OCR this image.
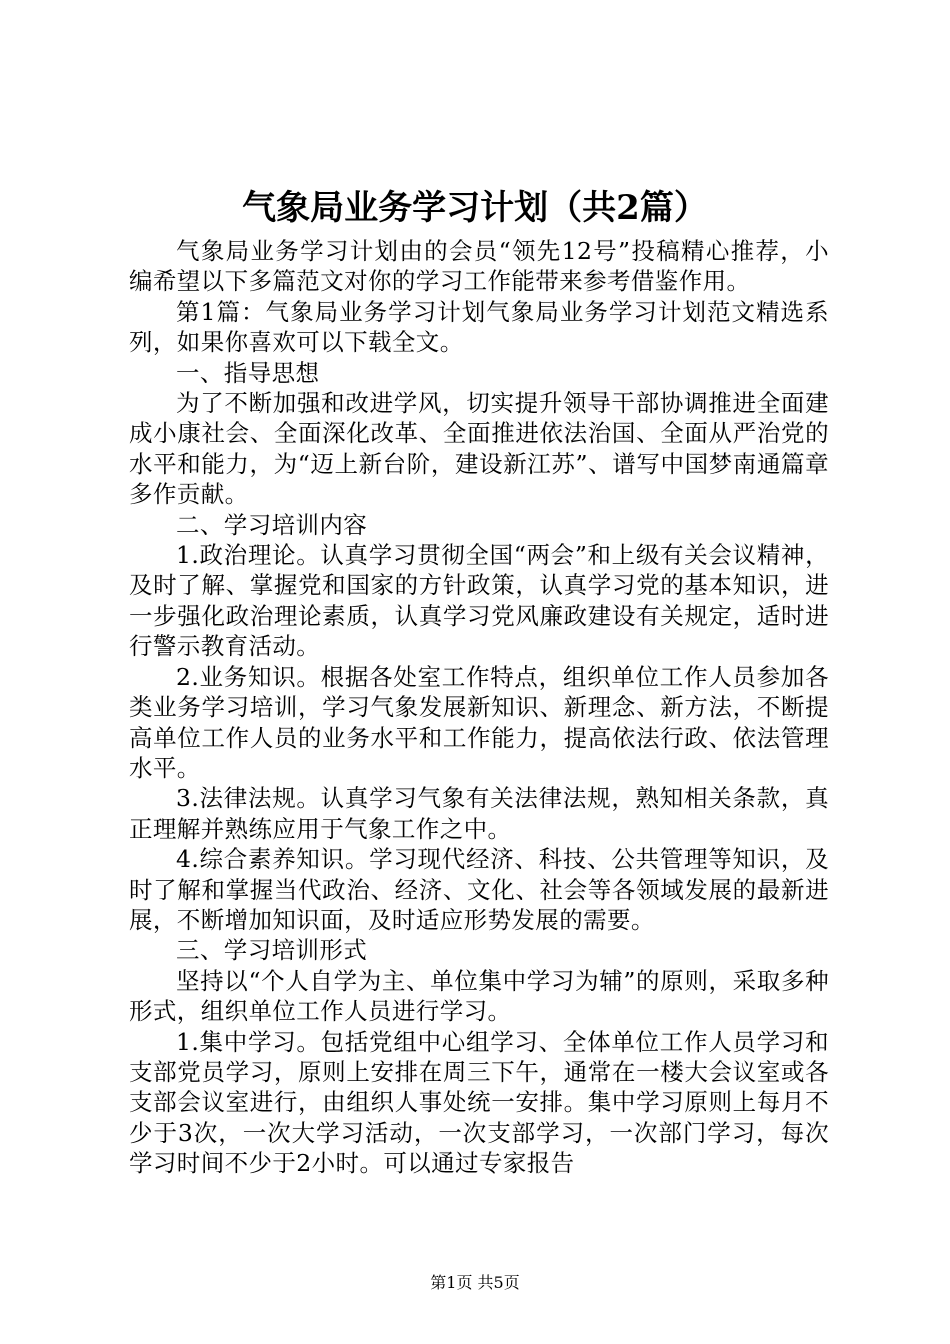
气象局业务学习计划（共2篇）

气象局业务学习计划由的会员“领先12号”投稿精心推荐，小编希望以下多篇范文对你的学习工作能带来参考借鉴作用。

第1篇：气象局业务学习计划气象局业务学习计划范文精选系列，如果你喜欢可以下载全文。

一、指导思想

为了不断加强和改进学风，切实提升领导干部协调推进全面建成小康社会、全面深化改革、全面推进依法治国、全面从严治党的水平和能力，为“迈上新台阶，建设新江苏”、谱写中国梦南通篇章多作贡献。

二、学习培训内容

1.政治理论。认真学习贯彻全国“两会”和上级有关会议精神，及时了解、掌握党和国家的方针政策，认真学习党的基本知识，进一步强化政治理论素质，认真学习党风廉政建设有关规定，适时进行警示教育活动。

2.业务知识。根据各处室工作特点，组织单位工作人员参加各类业务学习培训，学习气象发展新知识、新理念、新方法，不断提高单位工作人员的业务水平和工作能力，提高依法行政、依法管理水平。

3.法律法规。认真学习气象有关法律法规，熟知相关条款，真正理解并熟练应用于气象工作之中。

4.综合素养知识。学习现代经济、科技、公共管理等知识，及时了解和掌握当代政治、经济、文化、社会等各领域发展的最新进展，不断增加知识面，及时适应形势发展的需要。

三、学习培训形式

坚持以“个人自学为主、单位集中学习为辅”的原则，采取多种形式，组织单位工作人员进行学习。

1.集中学习。包括党组中心组学习、全体单位工作人员学习和支部党员学习，原则上安排在周三下午，通常在一楼大会议室或各支部会议室进行，由组织人事处统一安排。集中学习原则上每月不少于3次，一次大学习活动，一次支部学习，一次部门学习，每次学习时间不少于2小时。可以通过专家报告

第1页 共5页
